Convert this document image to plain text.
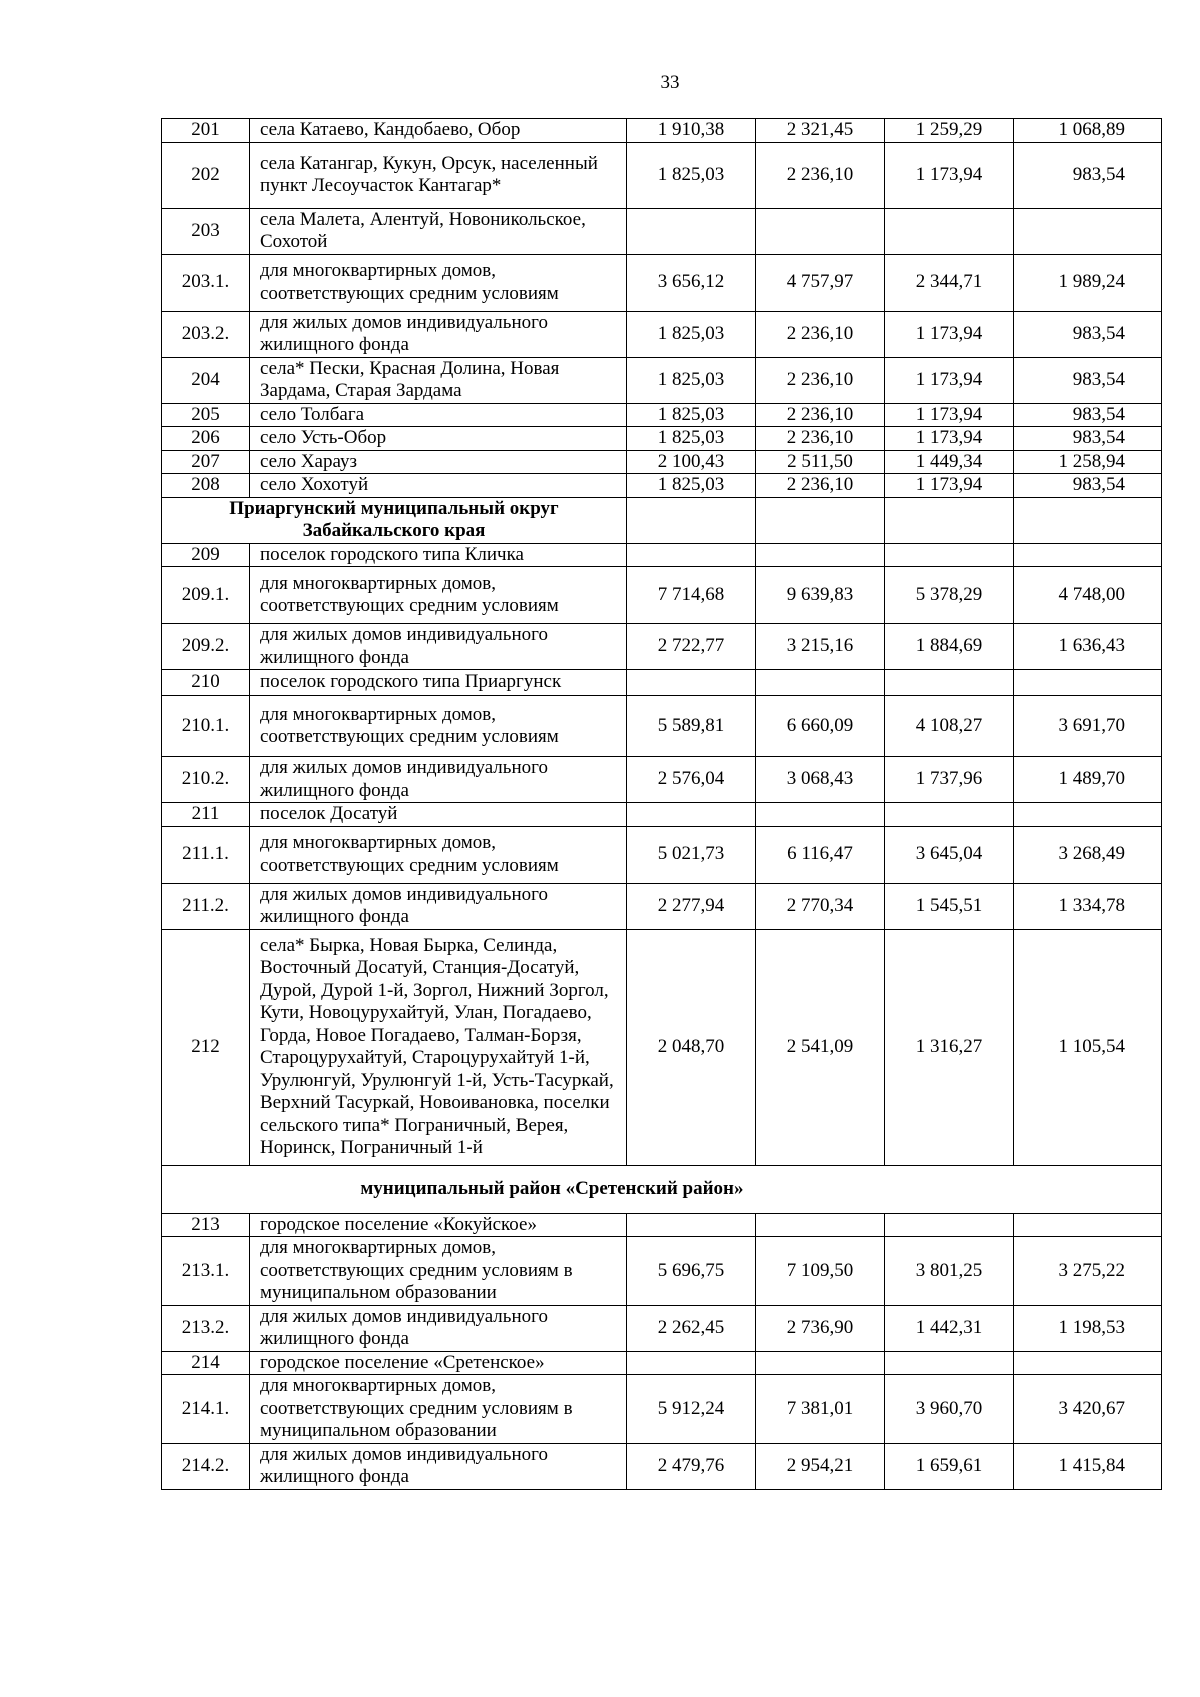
33
201	села Катаево, Кандобаево, Обор	1 910,38	2 321,45	1 259,29	1 068,89
202	села Катангар, Кукун, Орсук, населенный пункт Лесоучасток Кантагар*	1 825,03	2 236,10	1 173,94	983,54
203	села Малета, Алентуй, Новоникольское, Сохотой				
203.1.	для многоквартирных домов, соответствующих средним условиям	3 656,12	4 757,97	2 344,71	1 989,24
203.2.	для жилых домов индивидуального жилищного фонда	1 825,03	2 236,10	1 173,94	983,54
204	села* Пески, Красная Долина, Новая Зардама, Старая Зардама	1 825,03	2 236,10	1 173,94	983,54
205	село Толбага	1 825,03	2 236,10	1 173,94	983,54
206	село Усть-Обор	1 825,03	2 236,10	1 173,94	983,54
207	село Харауз	2 100,43	2 511,50	1 449,34	1 258,94
208	село Хохотуй	1 825,03	2 236,10	1 173,94	983,54
Приаргунский муниципальный округ Забайкальского края					
209	поселок городского типа Кличка				
209.1.	для многоквартирных домов, соответствующих средним условиям	7 714,68	9 639,83	5 378,29	4 748,00
209.2.	для жилых домов индивидуального жилищного фонда	2 722,77	3 215,16	1 884,69	1 636,43
210	поселок городского типа Приаргунск				
210.1.	для многоквартирных домов, соответствующих средним условиям	5 589,81	6 660,09	4 108,27	3 691,70
210.2.	для жилых домов индивидуального жилищного фонда	2 576,04	3 068,43	1 737,96	1 489,70
211	поселок Досатуй				
211.1.	для многоквартирных домов, соответствующих средним условиям	5 021,73	6 116,47	3 645,04	3 268,49
211.2.	для жилых домов индивидуального жилищного фонда	2 277,94	2 770,34	1 545,51	1 334,78
212	села* Бырка, Новая Бырка, Селинда, Восточный Досатуй, Станция-Досатуй, Дурой, Дурой 1-й, Зоргол, Нижний Зоргол, Кути, Новоцурухайтуй, Улан, Погадаево, Горда, Новое Погадаево, Талман-Борзя, Староцурухайтуй, Староцурухайтуй 1-й, Урулюнгуй, Урулюнгуй 1-й, Усть-Тасуркай, Верхний Тасуркай, Новоивановка, поселки сельского типа* Пограничный, Верея, Норинск, Пограничный 1-й	2 048,70	2 541,09	1 316,27	1 105,54
муниципальный район «Сретенский район»					
213	городское поселение «Кокуйское»				
213.1.	для многоквартирных домов, соответствующих средним условиям в муниципальном образовании	5 696,75	7 109,50	3 801,25	3 275,22
213.2.	для жилых домов индивидуального жилищного фонда	2 262,45	2 736,90	1 442,31	1 198,53
214	городское поселение «Сретенское»				
214.1.	для многоквартирных домов, соответствующих средним условиям в муниципальном образовании	5 912,24	7 381,01	3 960,70	3 420,67
214.2.	для жилых домов индивидуального жилищного фонда	2 479,76	2 954,21	1 659,61	1 415,84
